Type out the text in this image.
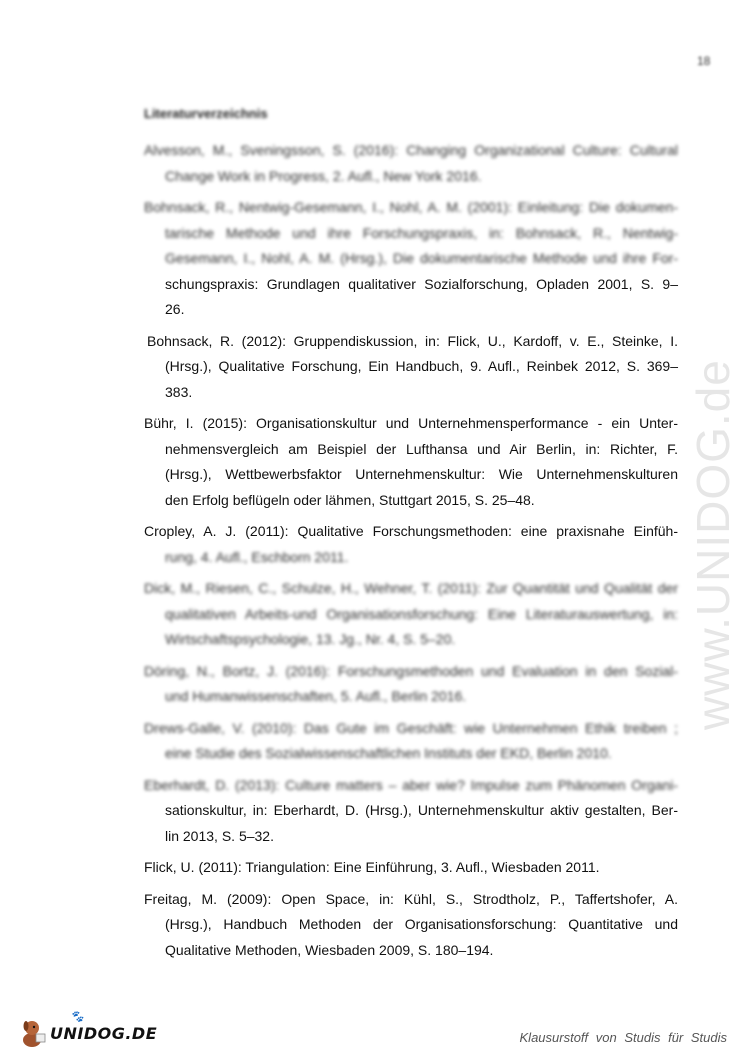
18
Literaturverzeichnis
Alvesson, M., Sveningsson, S. (2016): Changing Organizational Culture: Cultural
Change Work in Progress, 2. Aufl., New York 2016.
Bohnsack, R., Nentwig-Gesemann, I., Nohl, A. M. (2001): Einleitung: Die dokumen-
tarische Methode und ihre Forschungspraxis, in: Bohnsack, R., Nentwig-
Gesemann, I., Nohl, A. M. (Hrsg.), Die dokumentarische Methode und ihre For-
schungspraxis: Grundlagen qualitativer Sozialforschung, Opladen 2001, S. 9–
26.
Bohnsack, R. (2012): Gruppendiskussion, in: Flick, U., Kardoff, v. E., Steinke, I.
(Hrsg.), Qualitative Forschung, Ein Handbuch, 9. Aufl., Reinbek 2012, S. 369–
383.
Bühr, I. (2015): Organisationskultur und Unternehmensperformance - ein Unter-
nehmensvergleich am Beispiel der Lufthansa und Air Berlin, in: Richter, F.
(Hrsg.), Wettbewerbsfaktor Unternehmenskultur: Wie Unternehmenskulturen
den Erfolg beflügeln oder lähmen, Stuttgart 2015, S. 25–48.
Cropley, A. J. (2011): Qualitative Forschungsmethoden: eine praxisnahe Einfüh-
rung, 4. Aufl., Eschborn 2011.
Dick, M., Riesen, C., Schulze, H., Wehner, T. (2011): Zur Quantität und Qualität der
qualitativen Arbeits-und Organisationsforschung: Eine Literaturauswertung, in:
Wirtschaftspsychologie, 13. Jg., Nr. 4, S. 5–20.
Döring, N., Bortz, J. (2016): Forschungsmethoden und Evaluation in den Sozial-
und Humanwissenschaften, 5. Aufl., Berlin 2016.
Drews-Galle, V. (2010): Das Gute im Geschäft: wie Unternehmen Ethik treiben ;
eine Studie des Sozialwissenschaftlichen Instituts der EKD, Berlin 2010.
Eberhardt, D. (2013): Culture matters – aber wie? Impulse zum Phänomen Organi-
sationskultur, in: Eberhardt, D. (Hrsg.), Unternehmenskultur aktiv gestalten, Ber-
lin 2013, S. 5–32.
Flick, U. (2011): Triangulation: Eine Einführung, 3. Aufl., Wiesbaden 2011.
Freitag, M. (2009): Open Space, in: Kühl, S., Strodtholz, P., Taffertshofer, A.
(Hrsg.), Handbuch Methoden der Organisationsforschung: Quantitative und
Qualitative Methoden, Wiesbaden 2009, S. 180–194.
www.UNIDOG.de
🐾
UNIDOG.DE	Klausurstoff von Studis für Studis
